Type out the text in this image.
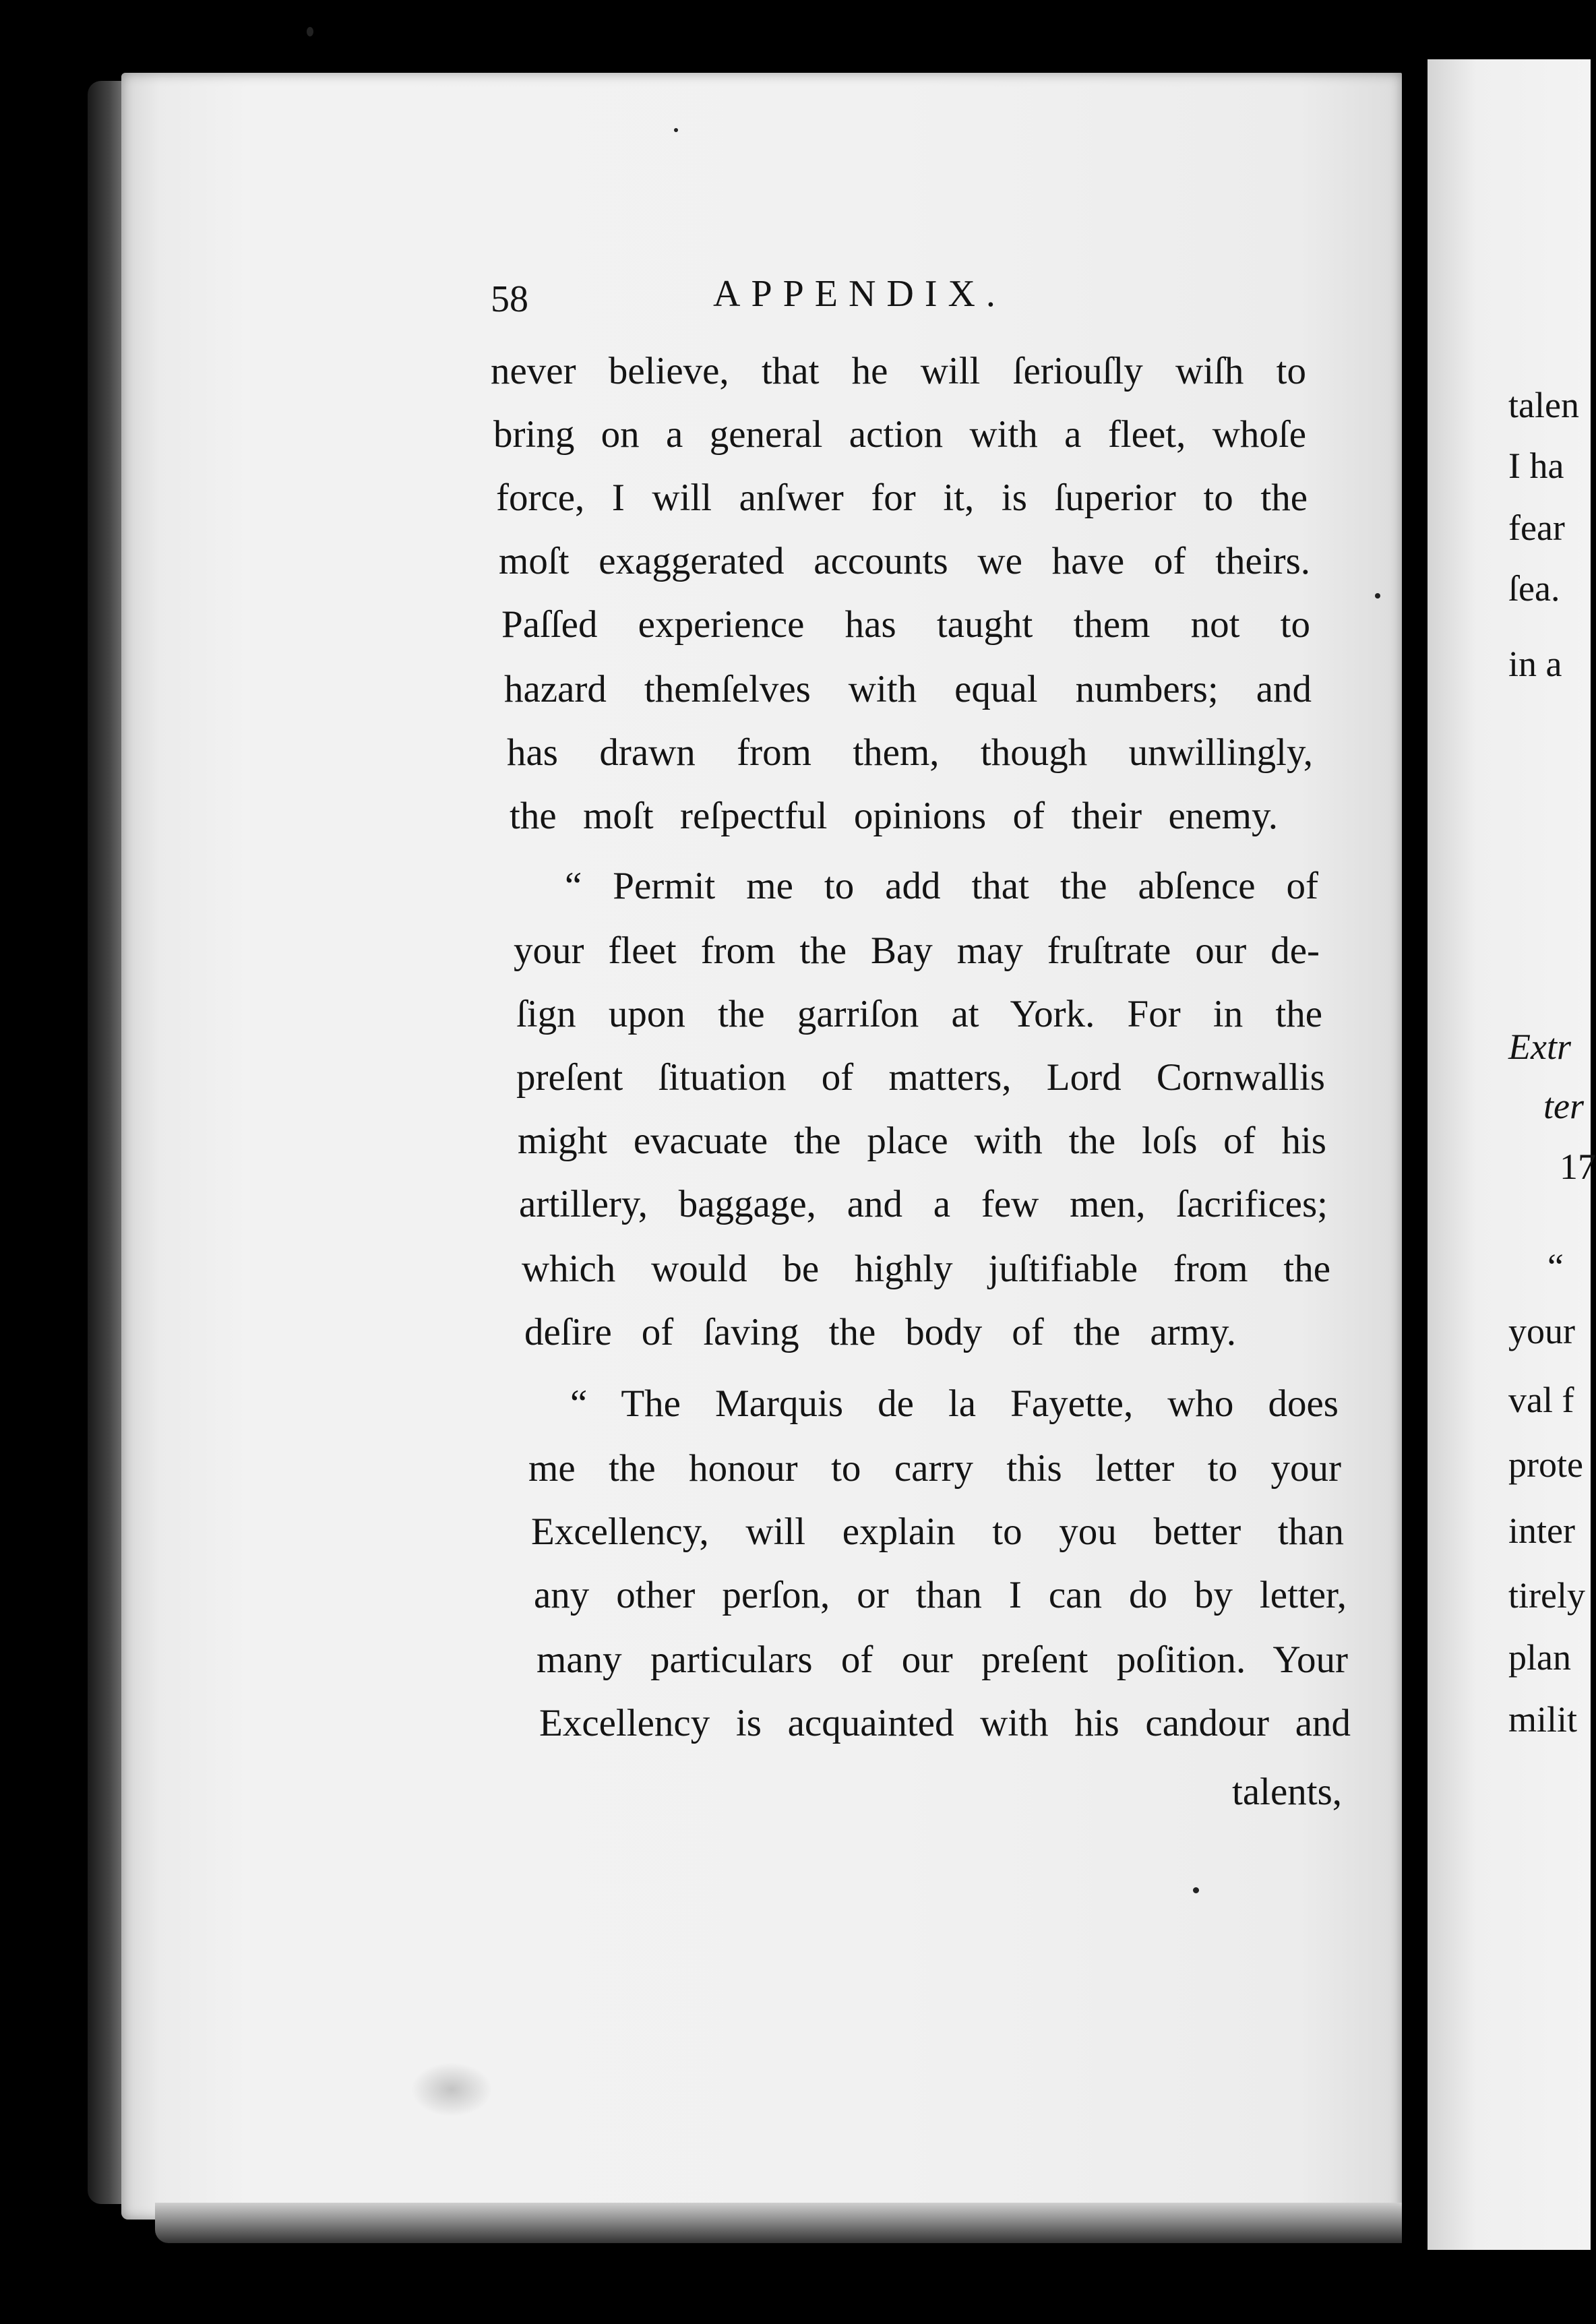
58	APPENDIX.
never believe, that he will ſeriouſly wiſh to
bring on a general action with a fleet, whoſe
force, I will anſwer for it, is ſuperior to the
moſt exaggerated accounts we have of theirs.
Paſſed experience has taught them not to
hazard themſelves with equal numbers; and
has drawn from them, though unwillingly,
the moſt reſpectful opinions of their enemy.
“ Permit me to add that the abſence of
your fleet from the Bay may fruſtrate our de-
ſign upon the garriſon at York. For in the
preſent ſituation of matters, Lord Cornwallis
might evacuate the place with the loſs of his
artillery, baggage, and a few men, ſacrifices;
which would be highly juſtifiable from the
deſire of ſaving the body of the army.
“ The Marquis de la Fayette, who does
me the honour to carry this letter to your
Excellency, will explain to you better than
any other perſon, or than I can do by letter,
many particulars of our preſent poſition. Your
Excellency is acquainted with his candour and
talents,
talen
I ha
fear
ſea.
in a
Extr
ter
17
“
your
val f
prote
inter
tirely
plan
milit
